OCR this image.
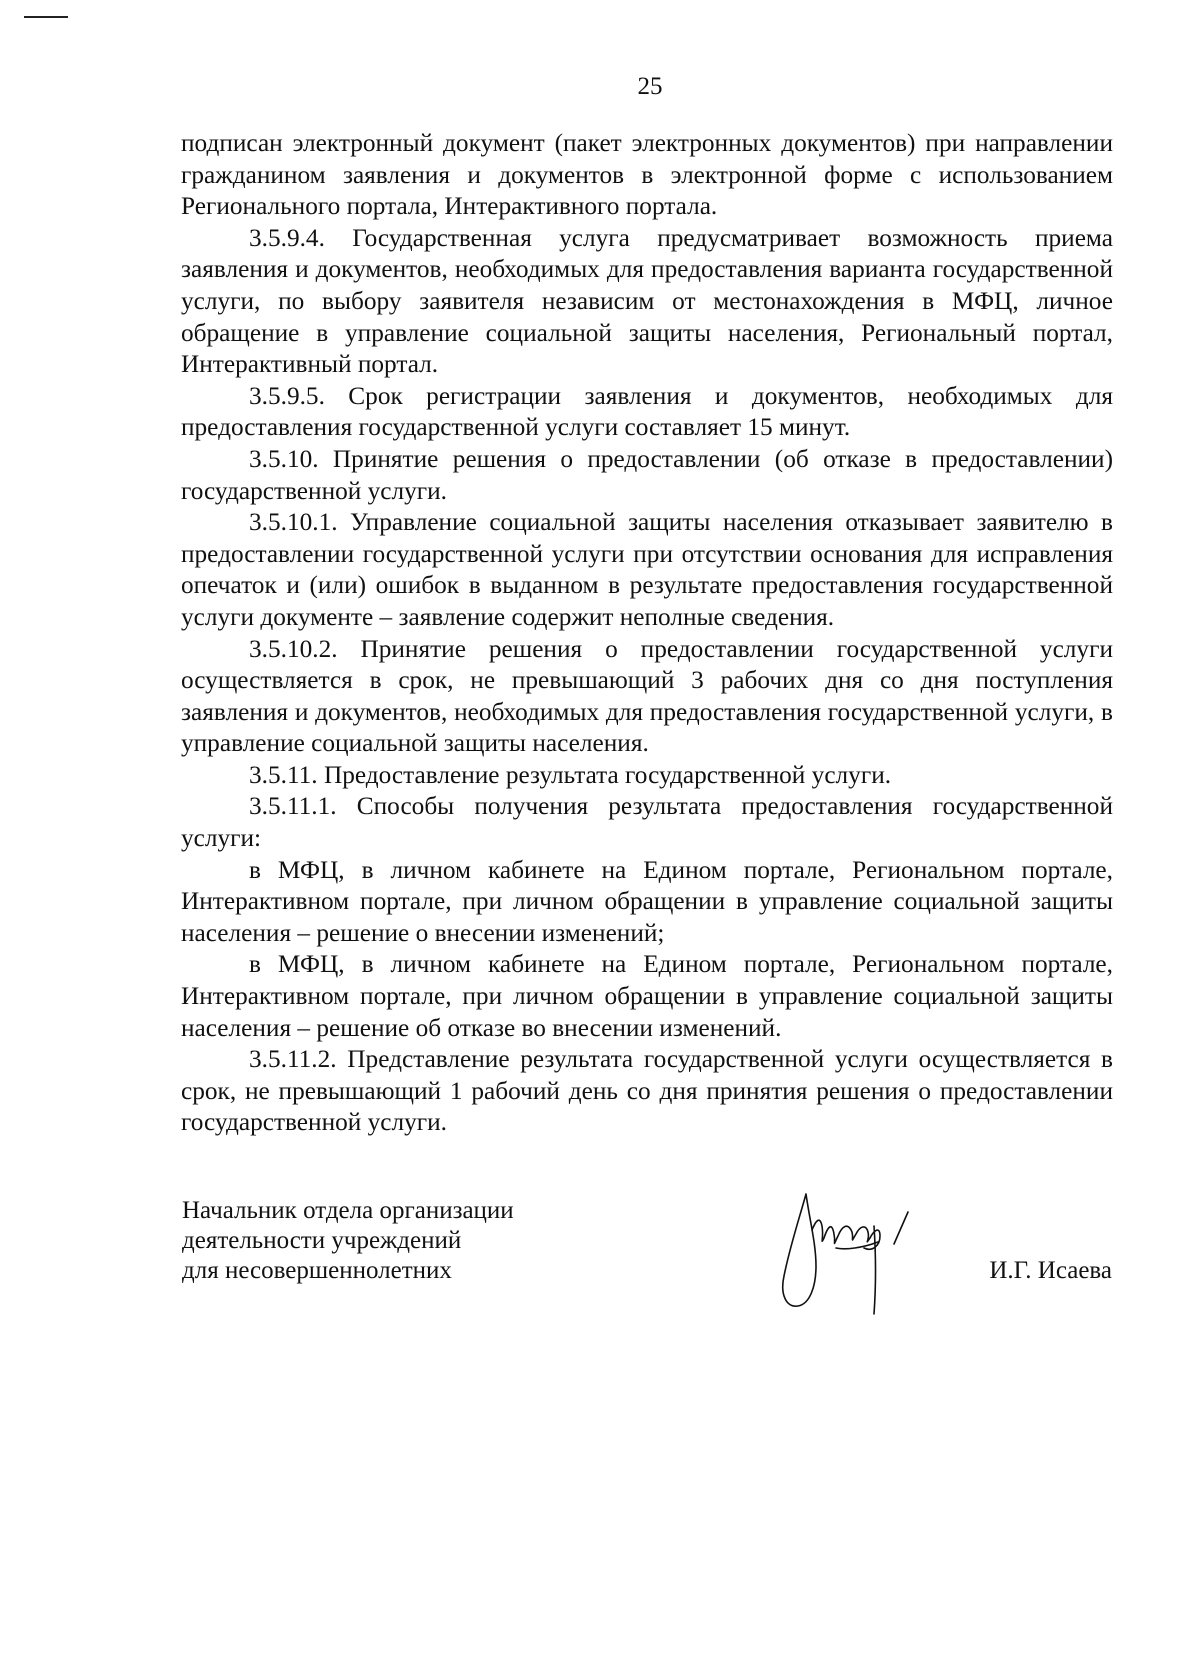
25

подписан электронный документ (пакет электронных документов) при направлении гражданином заявления и документов в электронной форме с использованием Регионального портала, Интерактивного портала.

3.5.9.4. Государственная услуга предусматривает возможность приема заявления и документов, необходимых для предоставления варианта государственной услуги, по выбору заявителя независим от местонахождения в МФЦ, личное обращение в управление социальной защиты населения, Региональный портал, Интерактивный портал.

3.5.9.5. Срок регистрации заявления и документов, необходимых для предоставления государственной услуги составляет 15 минут.

3.5.10. Принятие решения о предоставлении (об отказе в предоставлении) государственной услуги.

3.5.10.1. Управление социальной защиты населения отказывает заявителю в предоставлении государственной услуги при отсутствии основания для исправления опечаток и (или) ошибок в выданном в результате предоставления государственной услуги документе – заявление содержит неполные сведения.

3.5.10.2. Принятие решения о предоставлении государственной услуги осуществляется в срок, не превышающий 3 рабочих дня со дня поступления заявления и документов, необходимых для предоставления государственной услуги, в управление социальной защиты населения.

3.5.11. Предоставление результата государственной услуги.

3.5.11.1. Способы получения результата предоставления государственной услуги:

в МФЦ, в личном кабинете на Едином портале, Региональном портале, Интерактивном портале, при личном обращении в управление социальной защиты населения – решение о внесении изменений;

в МФЦ, в личном кабинете на Едином портале, Региональном портале, Интерактивном портале, при личном обращении в управление социальной защиты населения – решение об отказе во внесении изменений.

3.5.11.2. Представление результата государственной услуги осуществляется в срок, не превышающий 1 рабочий день со дня принятия решения о предоставлении государственной услуги.

Начальник отдела организации
деятельности учреждений
для несовершеннолетних	И.Г. Исаева
